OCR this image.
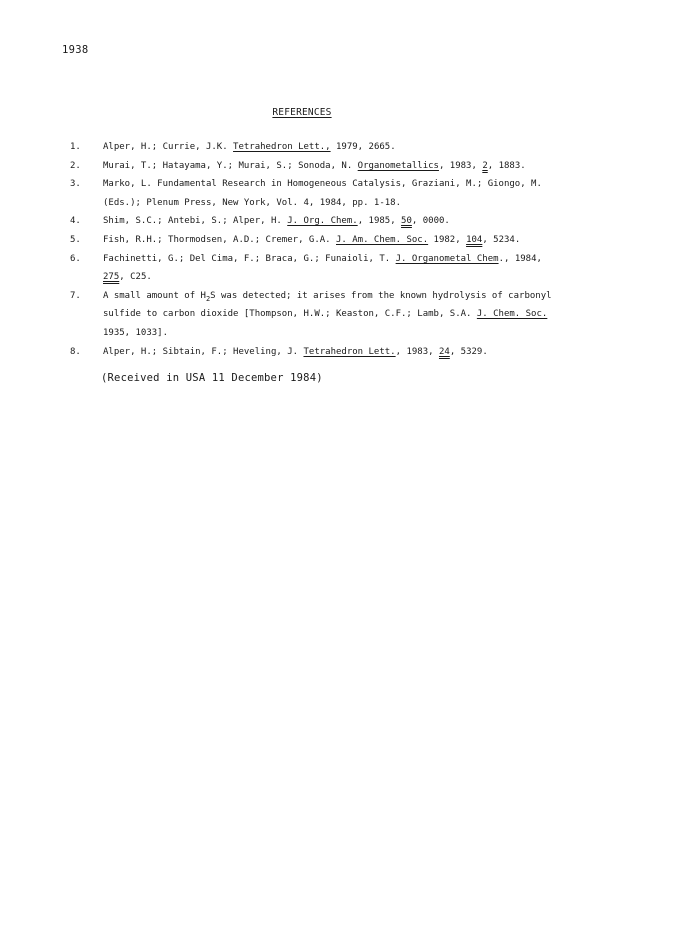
1938
REFERENCES
1.	Alper, H.; Currie, J.K. Tetrahedron Lett., 1979, 2665.
2.	Murai, T.; Hatayama, Y.; Murai, S.; Sonoda, N. Organometallics, 1983, 2, 1883.
3.	Marko, L. Fundamental Research in Homogeneous Catalysis, Graziani, M.; Giongo, M.
(Eds.); Plenum Press, New York, Vol. 4, 1984, pp. 1-18.
4.	Shim, S.C.; Antebi, S.; Alper, H. J. Org. Chem., 1985, 50, 0000.
5.	Fish, R.H.; Thormodsen, A.D.; Cremer, G.A. J. Am. Chem. Soc. 1982, 104, 5234.
6.	Fachinetti, G.; Del Cima, F.; Braca, G.; Funaioli, T. J. Organometal Chem., 1984,
275, C25.
7.	A small amount of $H_2S$ was detected; it arises from the known hydrolysis of carbonyl
sulfide to carbon dioxide [Thompson, H.W.; Keaston, C.F.; Lamb, S.A. J. Chem. Soc.
1935, 1033].
8.	Alper, H.; Sibtain, F.; Heveling, J. Tetrahedron Lett., 1983, 24, 5329.
(Received in USA 11 December 1984)
